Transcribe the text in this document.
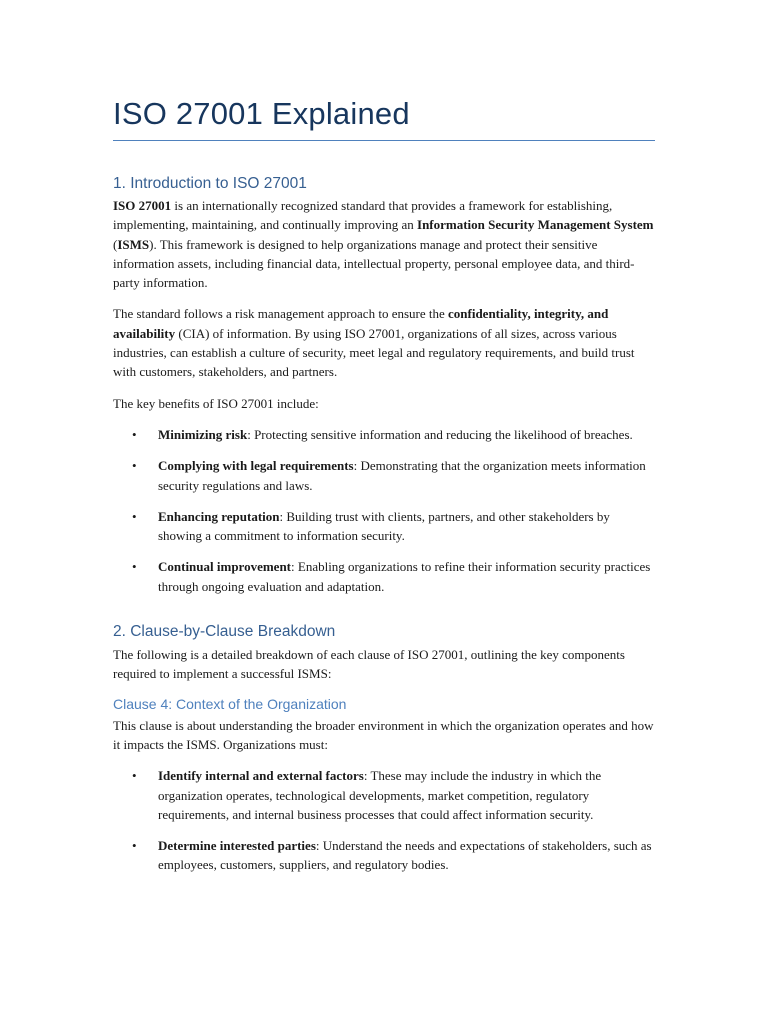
ISO 27001 Explained
1. Introduction to ISO 27001

ISO 27001 is an internationally recognized standard that provides a framework for establishing, implementing, maintaining, and continually improving an Information Security Management System (ISMS). This framework is designed to help organizations manage and protect their sensitive information assets, including financial data, intellectual property, personal employee data, and third-party information.

The standard follows a risk management approach to ensure the confidentiality, integrity, and availability (CIA) of information. By using ISO 27001, organizations of all sizes, across various industries, can establish a culture of security, meet legal and regulatory requirements, and build trust with customers, stakeholders, and partners.

The key benefits of ISO 27001 include:

• Minimizing risk: Protecting sensitive information and reducing the likelihood of breaches.
• Complying with legal requirements: Demonstrating that the organization meets information security regulations and laws.
• Enhancing reputation: Building trust with clients, partners, and other stakeholders by showing a commitment to information security.
• Continual improvement: Enabling organizations to refine their information security practices through ongoing evaluation and adaptation.
2. Clause-by-Clause Breakdown

The following is a detailed breakdown of each clause of ISO 27001, outlining the key components required to implement a successful ISMS:

Clause 4: Context of the Organization

This clause is about understanding the broader environment in which the organization operates and how it impacts the ISMS. Organizations must:

• Identify internal and external factors: These may include the industry in which the organization operates, technological developments, market competition, regulatory requirements, and internal business processes that could affect information security.
• Determine interested parties: Understand the needs and expectations of stakeholders, such as employees, customers, suppliers, and regulatory bodies.
